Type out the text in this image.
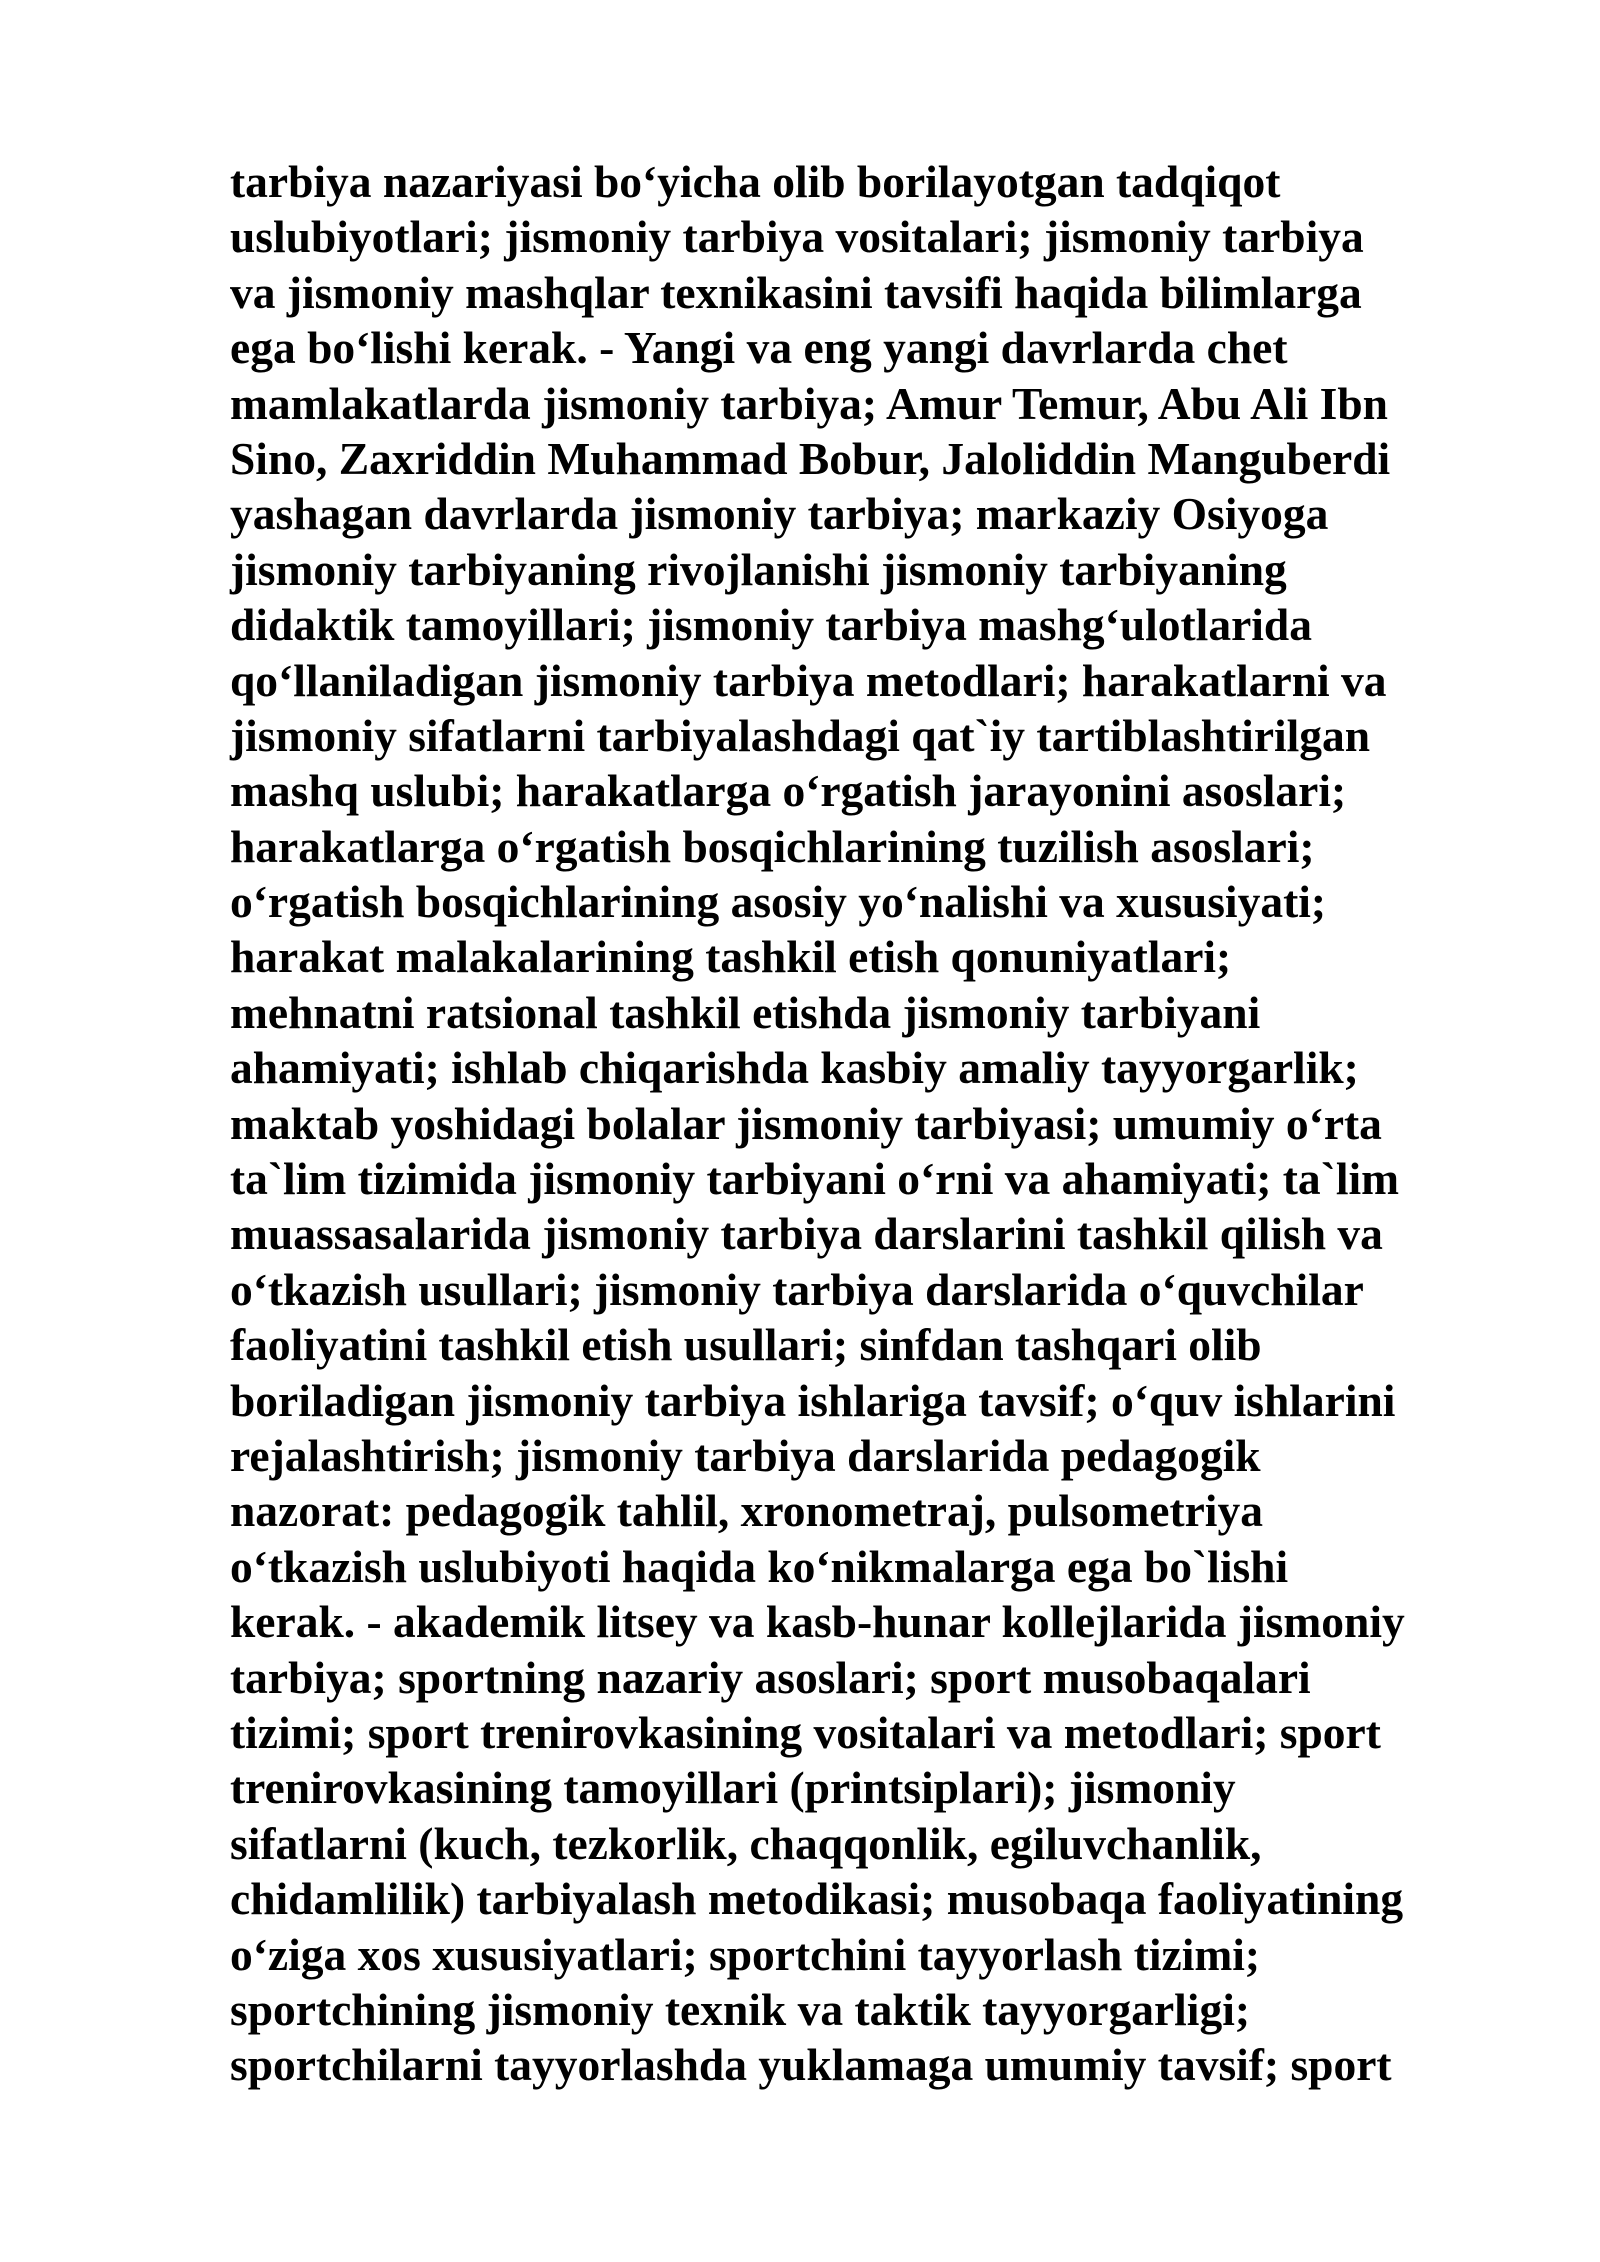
tarbiya nazariyasi bo‘yicha olib borilayotgan tadqiqot
uslubiyotlari; jismoniy tarbiya vositalari; jismoniy tarbiya
va jismoniy mashqlar texnikasini tavsifi haqida bilimlarga
ega bo‘lishi kerak. - Yangi va eng yangi davrlarda chet
mamlakatlarda jismoniy tarbiya; Amur Temur, Abu Ali Ibn
Sino, Zaxriddin Muhammad Bobur, Jaloliddin Manguberdi
yashagan davrlarda jismoniy tarbiya; markaziy Osiyoga
jismoniy tarbiyaning rivojlanishi jismoniy tarbiyaning
didaktik tamoyillari; jismoniy tarbiya mashg‘ulotlarida
qo‘llaniladigan jismoniy tarbiya metodlari; harakatlarni va
jismoniy sifatlarni tarbiyalashdagi qat`iy tartiblashtirilgan
mashq uslubi; harakatlarga o‘rgatish jarayonini asoslari;
harakatlarga o‘rgatish bosqichlarining tuzilish asoslari;
o‘rgatish bosqichlarining asosiy yo‘nalishi va xususiyati;
harakat malakalarining tashkil etish qonuniyatlari;
mehnatni ratsional tashkil etishda jismoniy tarbiyani
ahamiyati; ishlab chiqarishda kasbiy amaliy tayyorgarlik;
maktab yoshidagi bolalar jismoniy tarbiyasi; umumiy o‘rta
ta`lim tizimida jismoniy tarbiyani o‘rni va ahamiyati; ta`lim
muassasalarida jismoniy tarbiya darslarini tashkil qilish va
o‘tkazish usullari; jismoniy tarbiya darslarida o‘quvchilar
faoliyatini tashkil etish usullari; sinfdan tashqari olib
boriladigan jismoniy tarbiya ishlariga tavsif; o‘quv ishlarini
rejalashtirish; jismoniy tarbiya darslarida pedagogik
nazorat: pedagogik tahlil, xronometraj, pulsometriya
o‘tkazish uslubiyoti haqida ko‘nikmalarga ega bo`lishi
kerak. - akademik litsey va kasb-hunar kollejlarida jismoniy
tarbiya; sportning nazariy asoslari; sport musobaqalari
tizimi; sport trenirovkasining vositalari va metodlari; sport
trenirovkasining tamoyillari (printsiplari); jismoniy
sifatlarni (kuch, tezkorlik, chaqqonlik, egiluvchanlik,
chidamlilik) tarbiyalash metodikasi; musobaqa faoliyatining
o‘ziga xos xususiyatlari; sportchini tayyorlash tizimi;
sportchining jismoniy texnik va taktik tayyorgarligi;
sportchilarni tayyorlashda yuklamaga umumiy tavsif; sport
